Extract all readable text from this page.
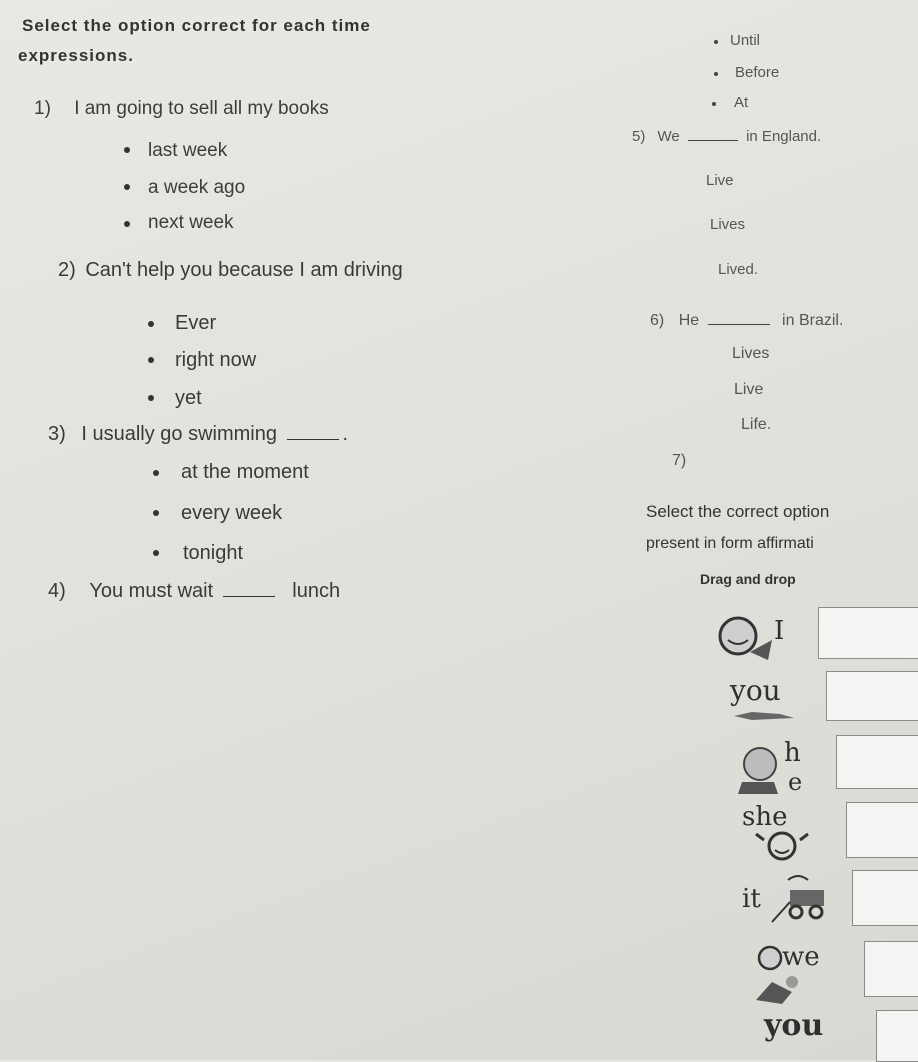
Select the option correct for each time
expressions.
1) I am going to sell all my books
last week
a week ago
next week
2) Can't help you because I am driving
Ever
right now
yet
3) I usually go swimming	.
at the moment
every week
tonight
4) You must wait	lunch
Until
Before
At
5) We	in England.
Live
Lives
Lived.
6) He	in Brazil.
Lives
Live
Life.
7)
Select the correct option
present in form affirmati
Drag and drop
I
you
h
e
she
it
we
you
